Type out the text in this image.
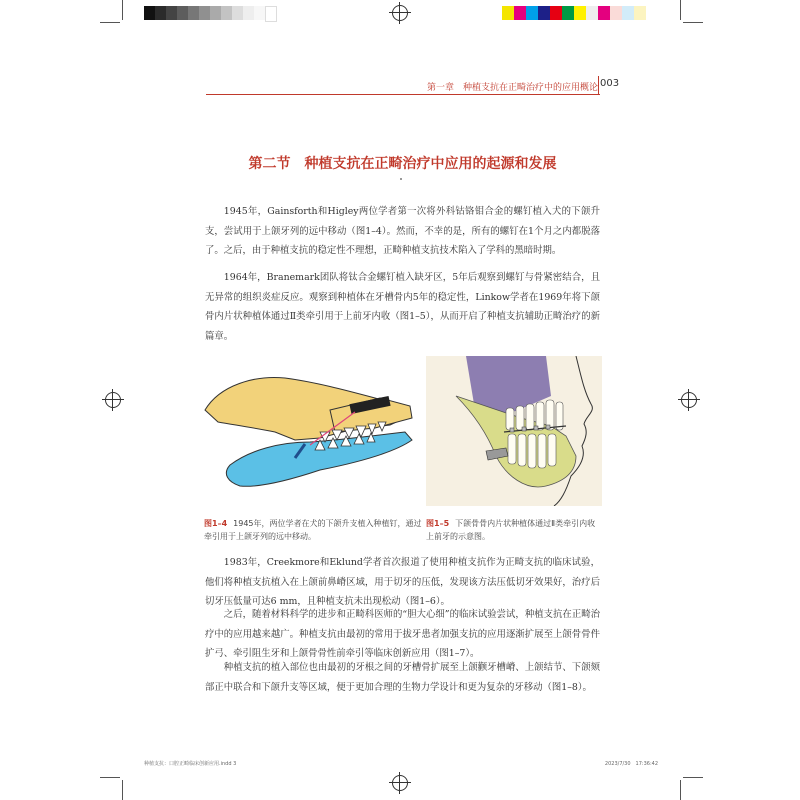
第一章　种植支抗在正畸治疗中的应用概论 003
第二节　种植支抗在正畸治疗中应用的起源和发展

1945年，Gainsforth和Higley两位学者第一次将外科钴铬钼合金的螺钉植入犬的下颌升支，尝试用于上颌牙列的远中移动（图1–4）。然而，不幸的是，所有的螺钉在1个月之内都脱落了。之后，由于种植支抗的稳定性不理想，正畸种植支抗技术陷入了学科的黑暗时期。

1964年，Branemark团队将钛合金螺钉植入缺牙区，5年后观察到螺钉与骨紧密结合，且无异常的组织炎症反应。观察到种植体在牙槽骨内5年的稳定性，Linkow学者在1969年将下颌骨内片状种植体通过Ⅱ类牵引用于上前牙内收（图1–5），从而开启了种植支抗辅助正畸治疗的新篇章。

1983年，Creekmore和Eklund学者首次报道了使用种植支抗作为正畸支抗的临床试验，他们将种植支抗植入在上颌前鼻嵴区域，用于切牙的压低，发现该方法压低切牙效果好，治疗后切牙压低量可达6 mm，且种植支抗未出现松动（图1–6）。

之后，随着材料科学的进步和正畸科医师的“胆大心细”的临床试验尝试，种植支抗在正畸治疗中的应用越来越广。种植支抗由最初的常用于拔牙患者加强支抗的应用逐渐扩展至上颌骨骨件扩弓、牵引阻生牙和上颌骨骨性前牵引等临床创新应用（图1–7）。

种植支抗的植入部位也由最初的牙根之间的牙槽骨扩展至上颌颧牙槽嵴、上颌结节、下颌颏部正中联合和下颌升支等区域，便于更加合理的生物力学设计和更为复杂的牙移动（图1–8）。

图1–4 1945年，两位学者在犬的下颌升支植入种植钉，通过牵引用于上颌牙列的远中移动。
图1–5 下颌骨骨内片状种植体通过Ⅱ类牵引内收上前牙的示意图。
种植支抗：口腔正畸临床创新应用.indd 3	2023/7/30　17:36:42
